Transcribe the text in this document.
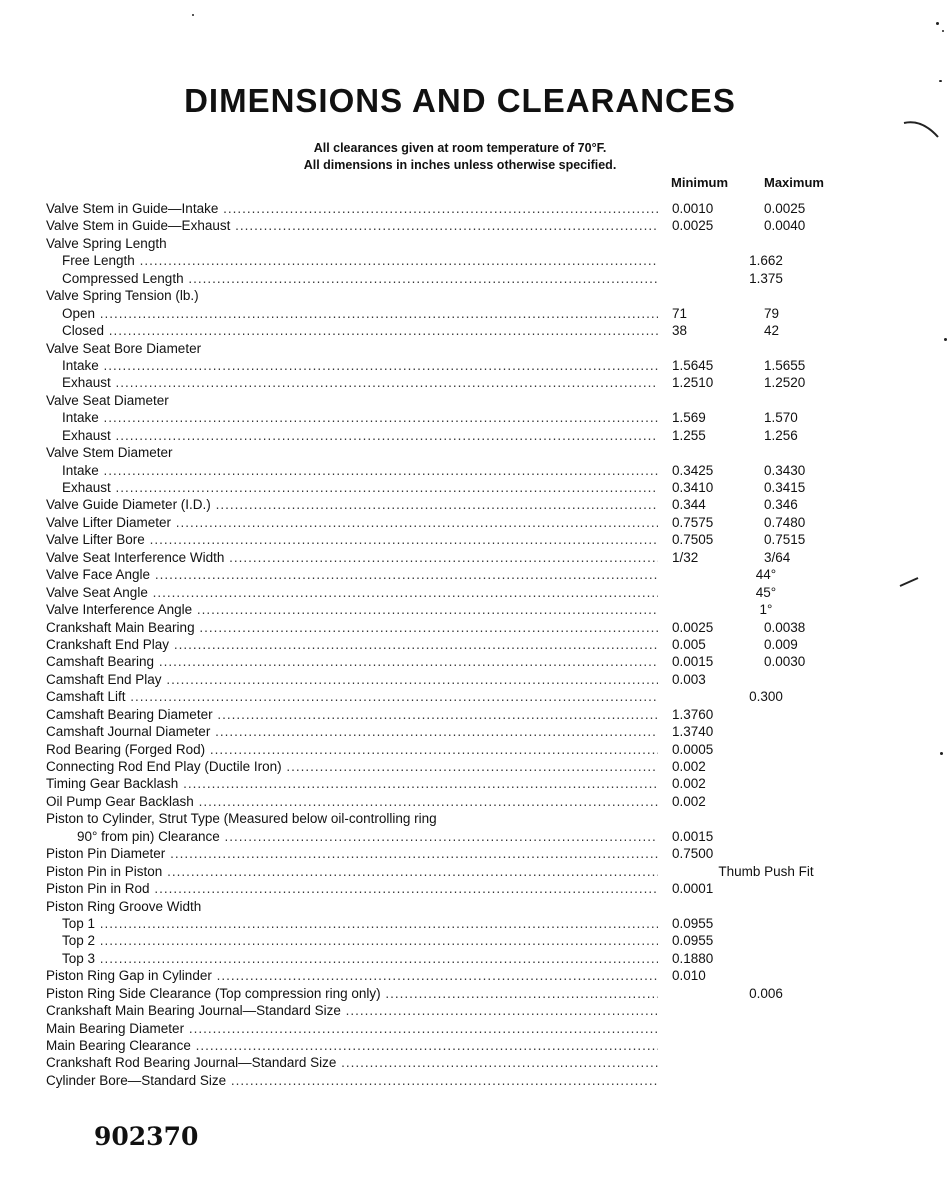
DIMENSIONS AND CLEARANCES
All clearances given at room temperature of 70°F.
All dimensions in inches unless otherwise specified.
Minimum	Maximum
Valve Stem in Guide—Intake .....	0.0010	0.0025
Valve Stem in Guide—Exhaust .....	0.0025	0.0040
Valve Spring Length
Free Length .....	1.662
Compressed Length .....	1.375
Valve Spring Tension (lb.)
Open .....	71	79
Closed .....	38	42
Valve Seat Bore Diameter
Intake .....	1.5645	1.5655
Exhaust .....	1.2510	1.2520
Valve Seat Diameter
Intake .....	1.569	1.570
Exhaust .....	1.255	1.256
Valve Stem Diameter
Intake .....	0.3425	0.3430
Exhaust .....	0.3410	0.3415
Valve Guide Diameter (I.D.) .....	0.344	0.346
Valve Lifter Diameter .....	0.7575	0.7480
Valve Lifter Bore .....	0.7505	0.7515
Valve Seat Interference Width .....	1/32	3/64
Valve Face Angle .....	44°
Valve Seat Angle .....	45°
Valve Interference Angle .....	1°
Crankshaft Main Bearing .....	0.0025	0.0038
Crankshaft End Play .....	0.005	0.009
Camshaft Bearing .....	0.0015	0.0030
Camshaft End Play .....	0.003
Camshaft Lift .....	0.300
Camshaft Bearing Diameter .....	1.3760
Camshaft Journal Diameter .....	1.3740
Rod Bearing (Forged Rod) .....	0.0005
Connecting Rod End Play (Ductile Iron) .....	0.002
Timing Gear Backlash .....	0.002
Oil Pump Gear Backlash .....	0.002
Piston to Cylinder, Strut Type (Measured below oil-controlling ring
90° from pin) Clearance .....	0.0015
Piston Pin Diameter .....	0.7500
Piston Pin in Piston .....	Thumb Push Fit
Piston Pin in Rod .....	0.0001
Piston Ring Groove Width
Top 1 .....	0.0955
Top 2 .....	0.0955
Top 3 .....	0.1880
Piston Ring Gap in Cylinder .....	0.010
Piston Ring Side Clearance (Top compression ring only) .....	0.006
Crankshaft Main Bearing Journal—Standard Size .....
Main Bearing Diameter .....
Main Bearing Clearance .....
Crankshaft Rod Bearing Journal—Standard Size .....
Cylinder Bore—Standard Size .....
902370
